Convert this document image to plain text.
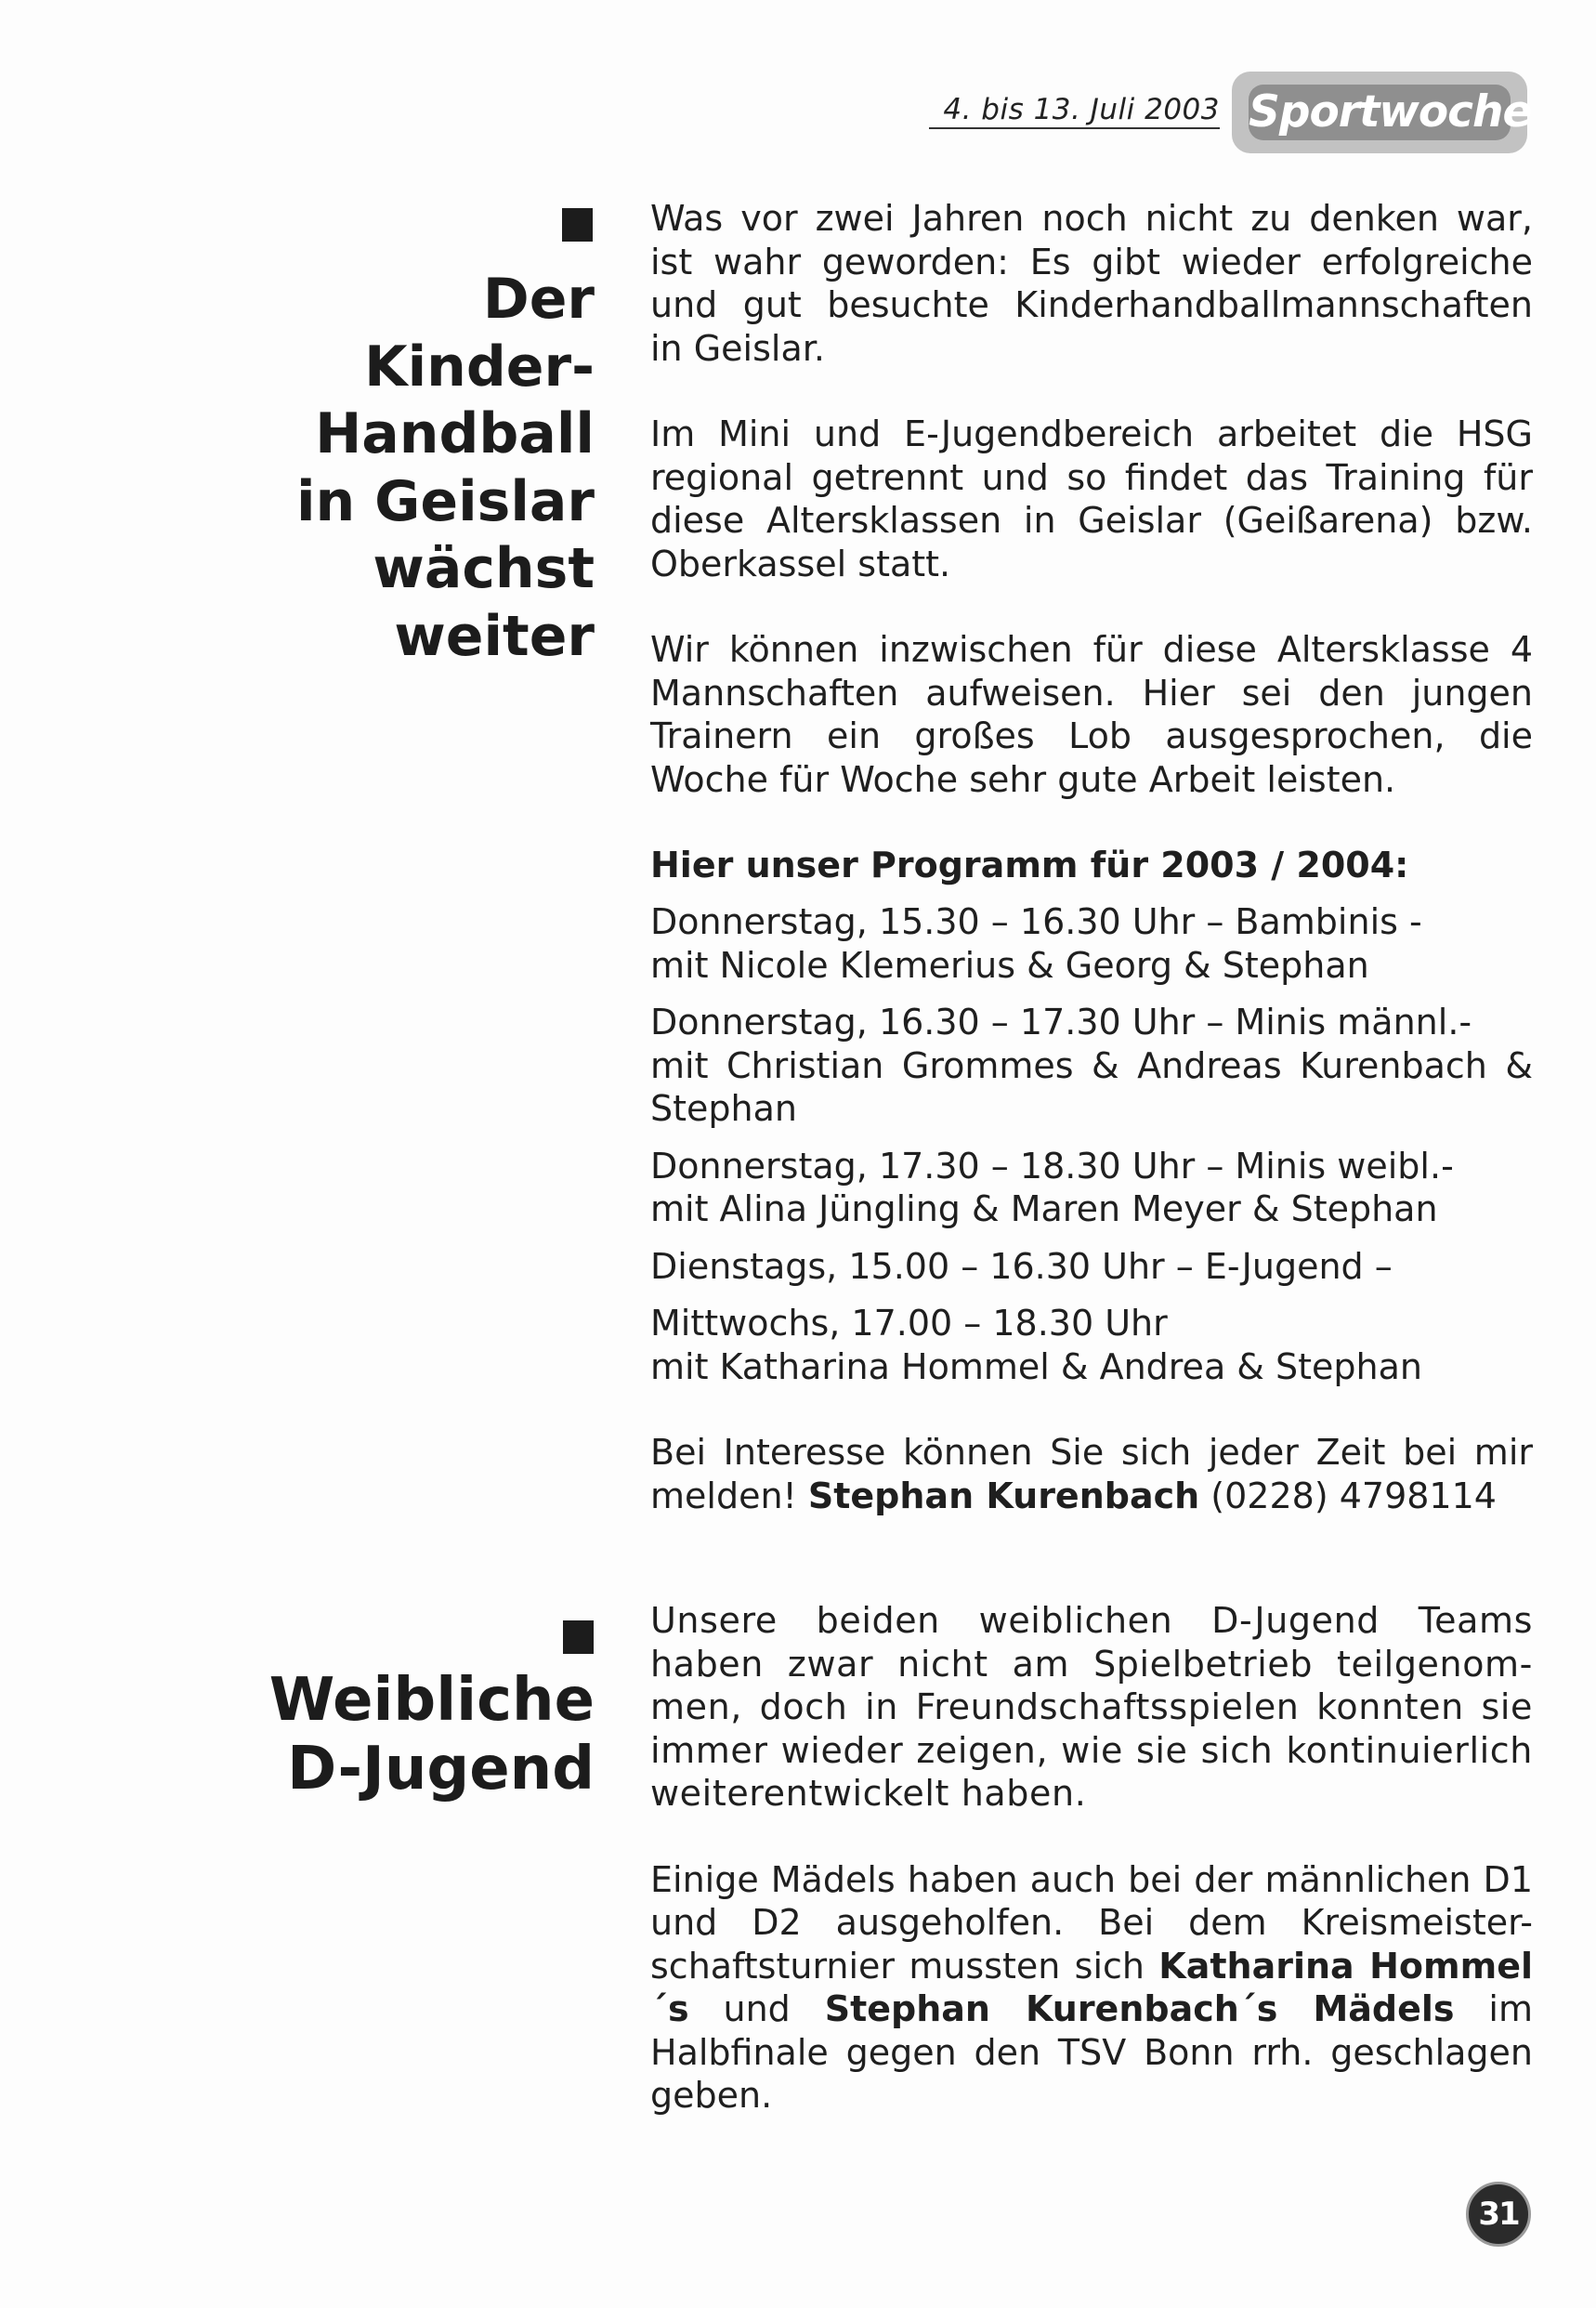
4. bis 13. Juli 2003 Sportwoche
Der
Kinder-
Handball
in Geislar
wächst
weiter

Was vor zwei Jahren noch nicht zu denken war, ist wahr geworden: Es gibt wieder erfolgreiche und gut besuchte Kinderhandballmannschaften in Geislar.

Im Mini und E-Jugendbereich arbeitet die HSG regional getrennt und so findet das Training für diese Altersklassen in Geislar (Geißarena) bzw. Oberkassel statt.

Wir können inzwischen für diese Altersklasse 4 Mannschaften aufweisen. Hier sei den jungen Trainern ein großes Lob ausgesprochen, die Woche für Woche sehr gute Arbeit leisten.

Hier unser Programm für 2003 / 2004:
Donnerstag, 15.30 – 16.30 Uhr – Bambinis -
mit Nicole Klemerius & Georg & Stephan
Donnerstag, 16.30 – 17.30 Uhr – Minis männl.-
mit Christian Grommes & Andreas Kurenbach & Stephan
Donnerstag, 17.30 – 18.30 Uhr – Minis weibl.-
mit Alina Jüngling & Maren Meyer & Stephan
Dienstags, 15.00 – 16.30 Uhr – E-Jugend –
Mittwochs, 17.00 – 18.30 Uhr
mit Katharina Hommel & Andrea & Stephan

Bei Interesse können Sie sich jeder Zeit bei mir melden! Stephan Kurenbach (0228) 4798114

Weibliche
D-Jugend

Unsere beiden weiblichen D-Jugend Teams haben zwar nicht am Spielbetrieb teilgenom-men, doch in Freundschaftsspielen konnten sie immer wieder zeigen, wie sie sich kontinuierlich weiterentwickelt haben.

Einige Mädels haben auch bei der männlichen D1 und D2 ausgeholfen. Bei dem Kreismeister-schaftsturnier mussten sich Katharina Hommel´s und Stephan Kurenbach´s Mädels im Halbfinale gegen den TSV Bonn rrh. geschlagen geben.

31
